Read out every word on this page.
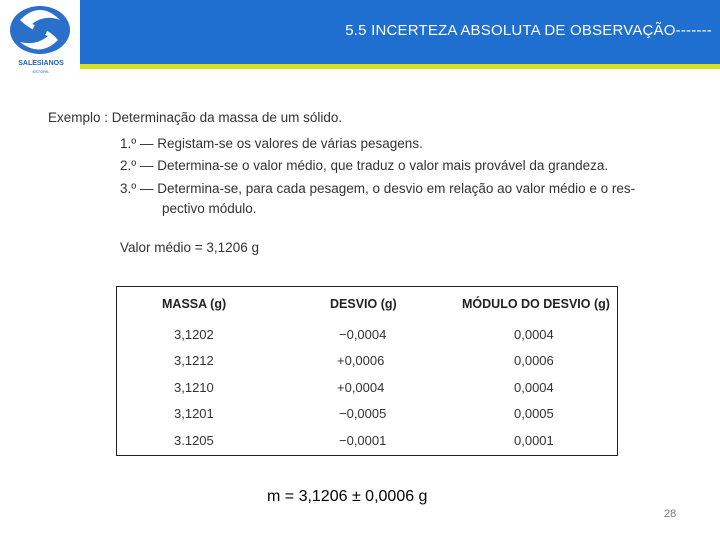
SALESIANOS
ESTORIL
5.5 INCERTEZA ABSOLUTA DE OBSERVAÇÃO-------
Exemplo : Determinação da massa de um sólido.
1.º — Registam-se os valores de várias pesagens.
2.º — Determina-se o valor médio, que traduz o valor mais provável da grandeza.
3.º — Determina-se, para cada pesagem, o desvio em relação ao valor médio e o res-
pectivo módulo.
Valor médio = 3,1206 g
MASSA (g)	DESVIO (g)	MÓDULO DO DESVIO (g)
3,1202	−0,0004	0,0004
3,1212	+0,0006	0,0006
3,1210	+0,0004	0,0004
3,1201	−0,0005	0,0005
3.1205	−0,0001	0,0001
m = 3,1206 ± 0,0006 g
28
